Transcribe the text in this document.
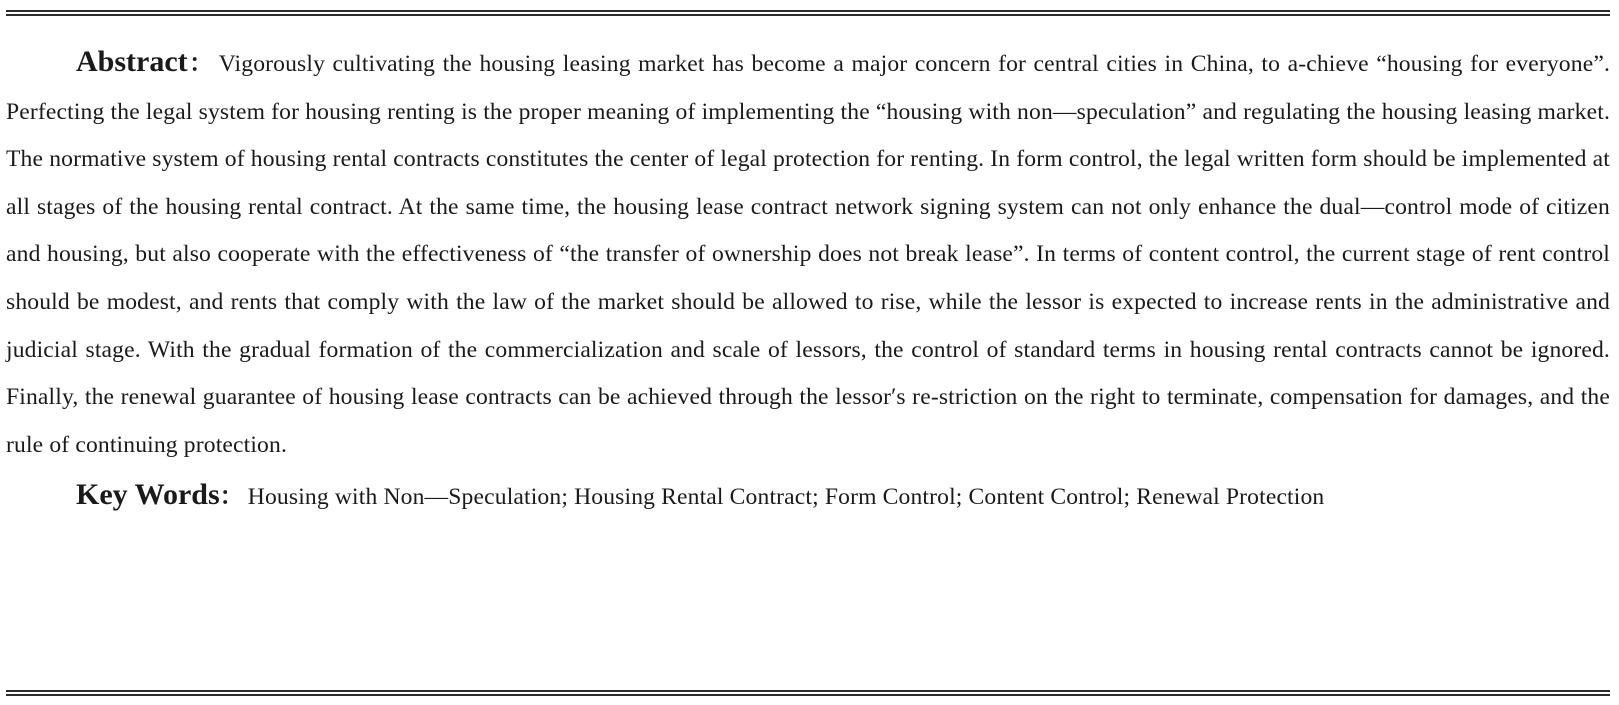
Abstract： Vigorously cultivating the housing leasing market has become a major concern for central cities in China, to a-chieve “housing for everyone”. Perfecting the legal system for housing renting is the proper meaning of implementing the “housing with non—speculation” and regulating the housing leasing market. The normative system of housing rental contracts constitutes the center of legal protection for renting. In form control, the legal written form should be implemented at all stages of the housing rental contract. At the same time, the housing lease contract network signing system can not only enhance the dual—control mode of citizen and housing, but also cooperate with the effectiveness of “the transfer of ownership does not break lease”. In terms of content control, the current stage of rent control should be modest, and rents that comply with the law of the market should be allowed to rise, while the lessor is expected to increase rents in the administrative and judicial stage. With the gradual formation of the commercialization and scale of lessors, the control of standard terms in housing rental contracts cannot be ignored. Finally, the renewal guarantee of housing lease contracts can be achieved through the lessor′s re-striction on the right to terminate, compensation for damages, and the rule of continuing protection.

Key Words： Housing with Non—Speculation; Housing Rental Contract; Form Control; Content Control; Renewal Protection
